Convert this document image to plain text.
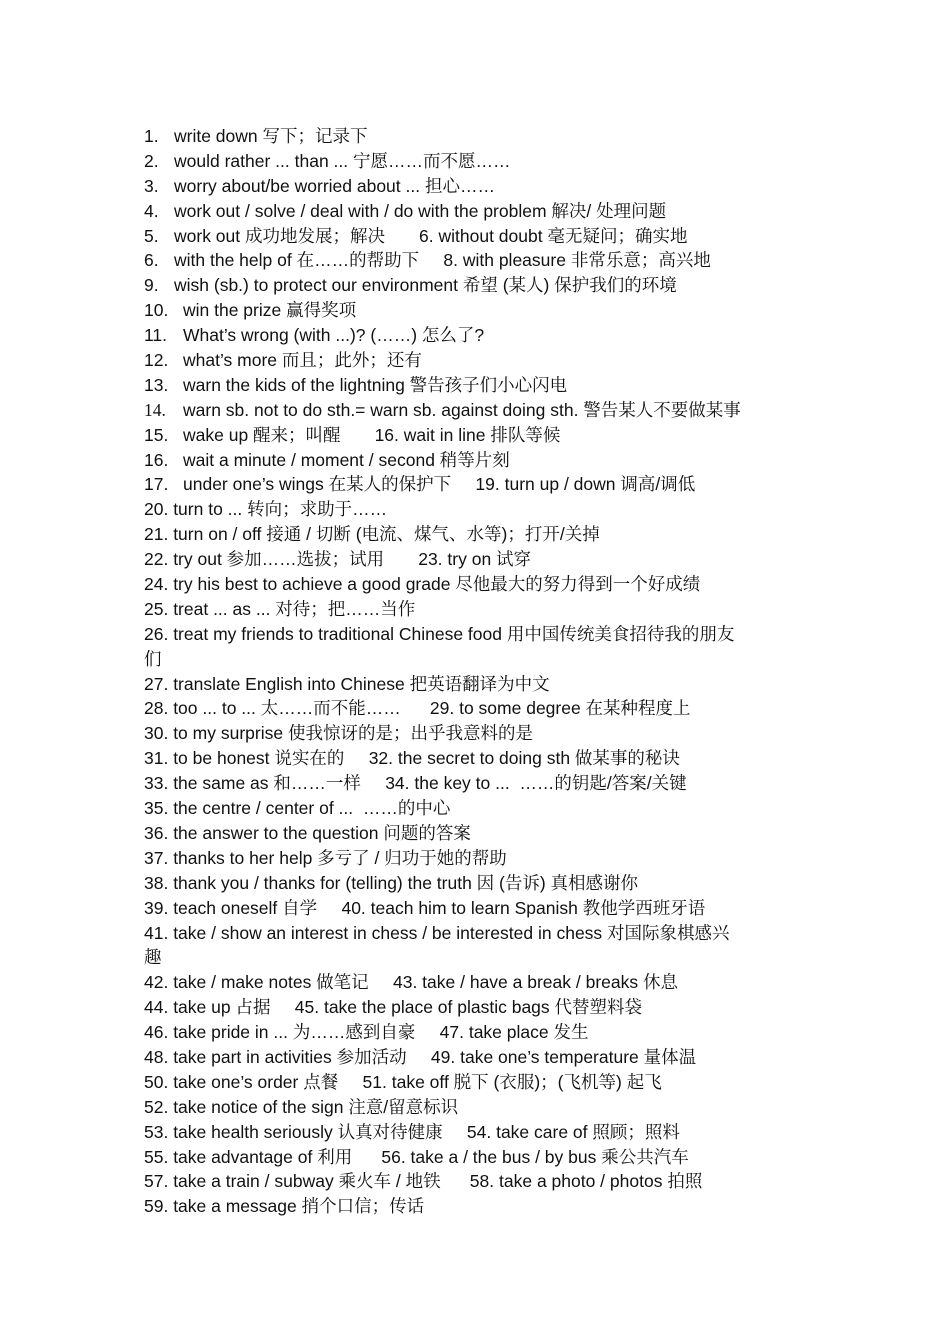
1. write down 写下；记录下
2. would rather ... than ... 宁愿……而不愿……
3. worry about/be worried about ... 担心……
4. work out / solve / deal with / do with the problem 解决/ 处理问题
5. work out 成功地发展；解决       6. without doubt 毫无疑问；确实地
6. with the help of 在……的帮助下     8. with pleasure 非常乐意；高兴地
9. wish (sb.) to protect our environment 希望 (某人) 保护我们的环境
10. win the prize 赢得奖项
11. What’s wrong (with ...)? (……) 怎么了?
12. what’s more 而且；此外；还有
13. warn the kids of the lightning 警告孩子们小心闪电
14. warn sb. not to do sth.= warn sb. against doing sth. 警告某人不要做某事
15. wake up 醒来；叫醒       16. wait in line 排队等候
16. wait a minute / moment / second 稍等片刻
17. under one’s wings 在某人的保护下     19. turn up / down 调高/调低
20. turn to ... 转向；求助于……
21. turn on / off 接通 / 切断 (电流、煤气、水等)；打开/关掉
22. try out 参加……选拔；试用       23. try on 试穿
24. try his best to achieve a good grade 尽他最大的努力得到一个好成绩
25. treat ... as ... 对待；把……当作
26. treat my friends to traditional Chinese food 用中国传统美食招待我的朋友
们
27. translate English into Chinese 把英语翻译为中文
28. too ... to ... 太……而不能……      29. to some degree 在某种程度上
30. to my surprise 使我惊讶的是；出乎我意料的是
31. to be honest 说实在的     32. the secret to doing sth 做某事的秘诀
33. the same as 和……一样     34. the key to ...  ……的钥匙/答案/关键
35. the centre / center of ...  ……的中心
36. the answer to the question 问题的答案
37. thanks to her help 多亏了 / 归功于她的帮助
38. thank you / thanks for (telling) the truth 因 (告诉) 真相感谢你
39. teach oneself 自学     40. teach him to learn Spanish 教他学西班牙语
41. take / show an interest in chess / be interested in chess 对国际象棋感兴
趣
42. take / make notes 做笔记     43. take / have a break / breaks 休息
44. take up 占据     45. take the place of plastic bags 代替塑料袋
46. take pride in ... 为……感到自豪     47. take place 发生
48. take part in activities 参加活动     49. take one’s temperature 量体温
50. take one’s order 点餐     51. take off 脱下 (衣服)；(飞机等) 起飞
52. take notice of the sign 注意/留意标识
53. take health seriously 认真对待健康     54. take care of 照顾；照料
55. take advantage of 利用      56. take a / the bus / by bus 乘公共汽车
57. take a train / subway 乘火车 / 地铁      58. take a photo / photos 拍照
59. take a message 捎个口信；传话
